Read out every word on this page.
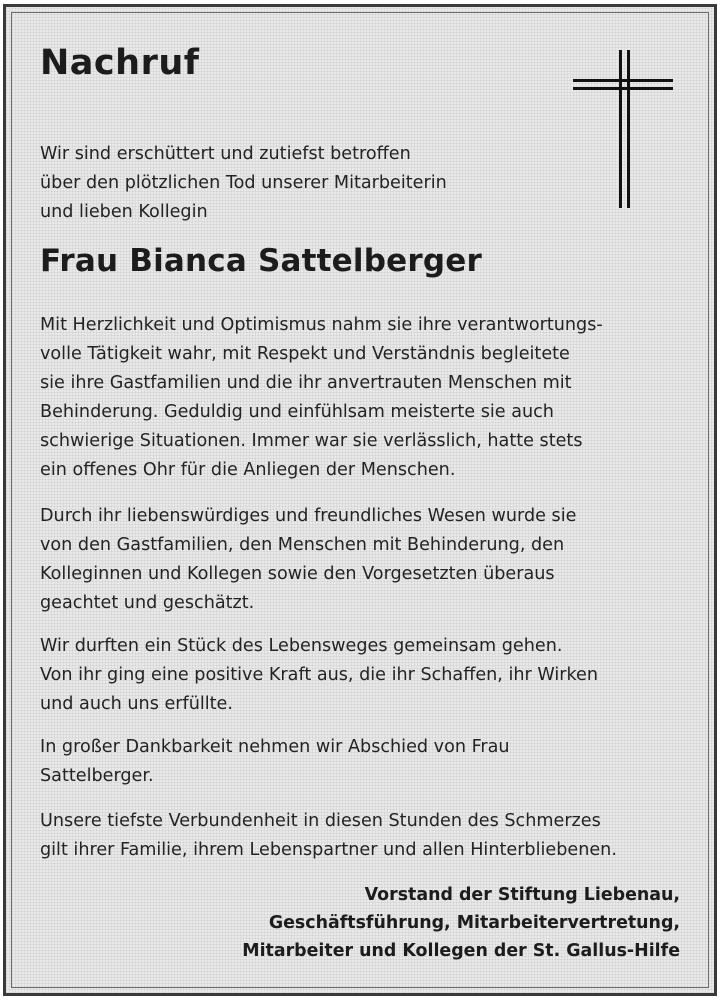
Nachruf

Wir sind erschüttert und zutiefst betroffen
über den plötzlichen Tod unserer Mitarbeiterin
und lieben Kollegin

Frau Bianca Sattelberger

Mit Herzlichkeit und Optimismus nahm sie ihre verantwortungs-
volle Tätigkeit wahr, mit Respekt und Verständnis begleitete
sie ihre Gastfamilien und die ihr anvertrauten Menschen mit
Behinderung. Geduldig und einfühlsam meisterte sie auch
schwierige Situationen. Immer war sie verlässlich, hatte stets
ein offenes Ohr für die Anliegen der Menschen.

Durch ihr liebenswürdiges und freundliches Wesen wurde sie
von den Gastfamilien, den Menschen mit Behinderung, den
Kolleginnen und Kollegen sowie den Vorgesetzten überaus
geachtet und geschätzt.

Wir durften ein Stück des Lebensweges gemeinsam gehen.
Von ihr ging eine positive Kraft aus, die ihr Schaffen, ihr Wirken
und auch uns erfüllte.

In großer Dankbarkeit nehmen wir Abschied von Frau
Sattelberger.

Unsere tiefste Verbundenheit in diesen Stunden des Schmerzes
gilt ihrer Familie, ihrem Lebenspartner und allen Hinterbliebenen.

Vorstand der Stiftung Liebenau,
Geschäftsführung, Mitarbeitervertretung,
Mitarbeiter und Kollegen der St. Gallus-Hilfe
